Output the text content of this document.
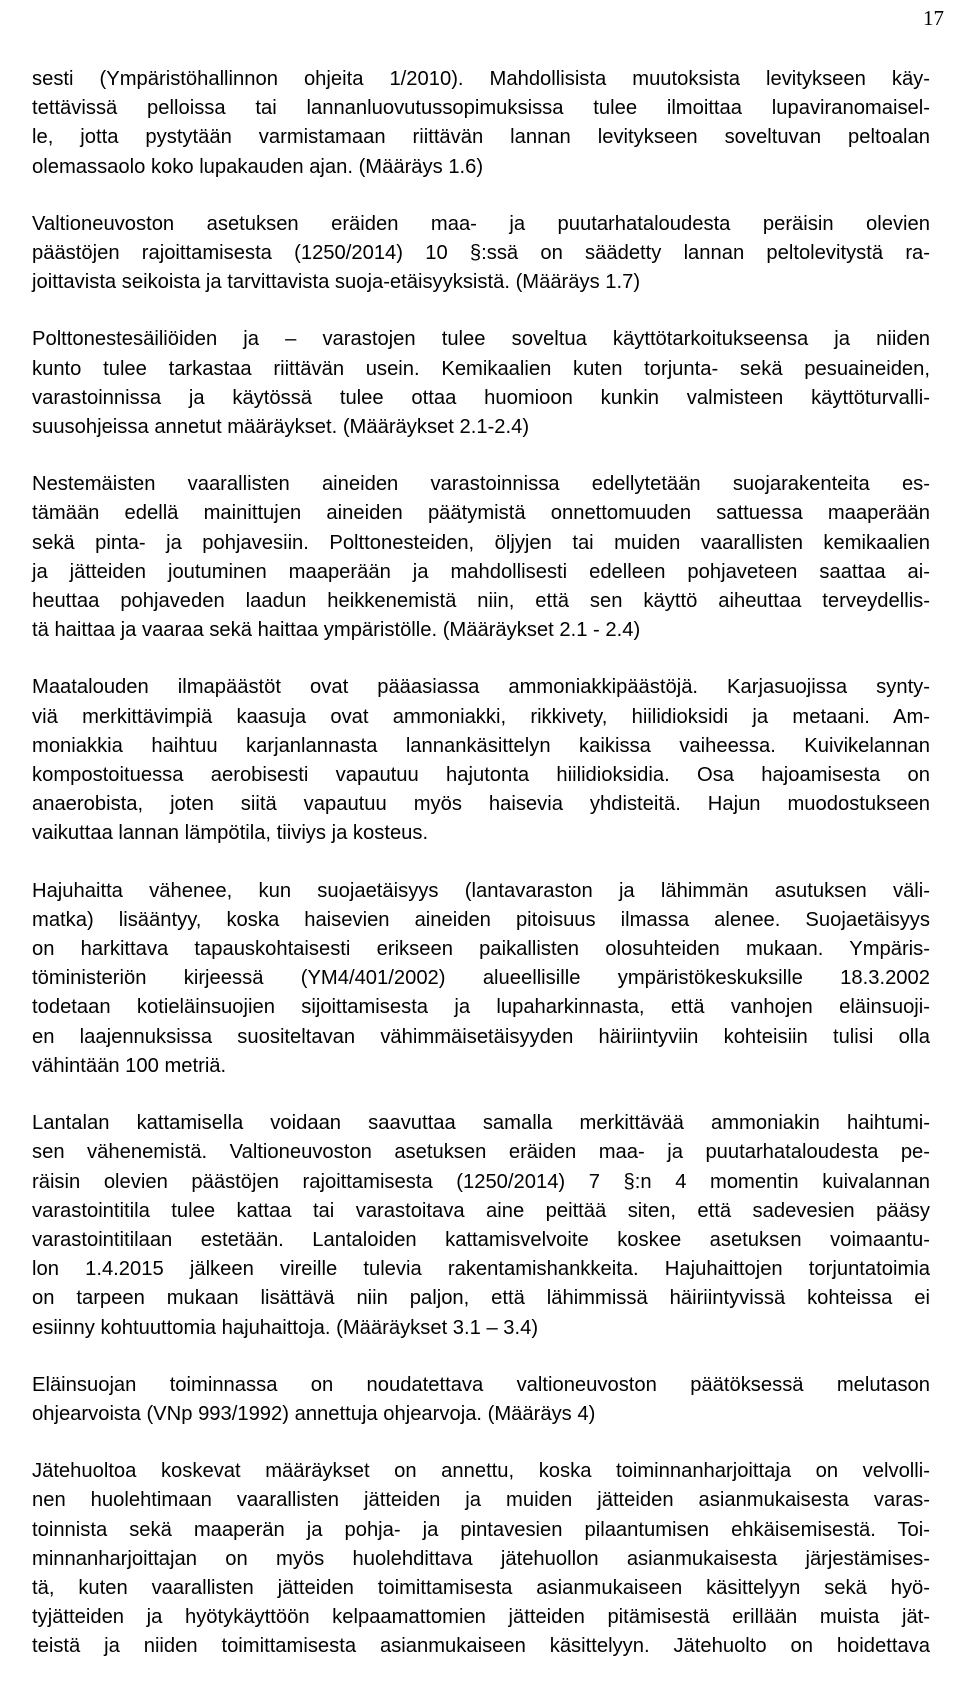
17

sesti (Ympäristöhallinnon ohjeita 1/2010). Mahdollisista muutoksista levitykseen käy-
tettävissä pelloissa tai lannanluovutussopimuksissa tulee ilmoittaa lupaviranomaisel-
le, jotta pystytään varmistamaan riittävän lannan levitykseen soveltuvan peltoalan
olemassaolo koko lupakauden ajan. (Määräys 1.6)

Valtioneuvoston asetuksen eräiden maa- ja puutarhataloudesta peräisin olevien
päästöjen rajoittamisesta (1250/2014) 10 §:ssä on säädetty lannan peltolevitystä ra-
joittavista seikoista ja tarvittavista suoja-etäisyyksistä. (Määräys 1.7)

Polttonestesäiliöiden ja – varastojen tulee soveltua käyttötarkoitukseensa ja niiden
kunto tulee tarkastaa riittävän usein. Kemikaalien kuten torjunta- sekä pesuaineiden,
varastoinnissa ja käytössä tulee ottaa huomioon kunkin valmisteen käyttöturvalli-
suusohjeissa annetut määräykset. (Määräykset 2.1-2.4)

Nestemäisten vaarallisten aineiden varastoinnissa edellytetään suojarakenteita es-
tämään edellä mainittujen aineiden päätymistä onnettomuuden sattuessa maaperään
sekä pinta- ja pohjavesiin. Polttonesteiden, öljyjen tai muiden vaarallisten kemikaalien
ja jätteiden joutuminen maaperään ja mahdollisesti edelleen pohjaveteen saattaa ai-
heuttaa pohjaveden laadun heikkenemistä niin, että sen käyttö aiheuttaa terveydellis-
tä haittaa ja vaaraa sekä haittaa ympäristölle. (Määräykset 2.1 - 2.4)

Maatalouden ilmapäästöt ovat pääasiassa ammoniakkipäästöjä. Karjasuojissa synty-
viä merkittävimpiä kaasuja ovat ammoniakki, rikkivety, hiilidioksidi ja metaani. Am-
moniakkia haihtuu karjanlannasta lannankäsittelyn kaikissa vaiheessa. Kuivikelannan
kompostoituessa aerobisesti vapautuu hajutonta hiilidioksidia. Osa hajoamisesta on
anaerobista, joten siitä vapautuu myös haisevia yhdisteitä. Hajun muodostukseen
vaikuttaa lannan lämpötila, tiiviys ja kosteus.

Hajuhaitta vähenee, kun suojaetäisyys (lantavaraston ja lähimmän asutuksen väli-
matka) lisääntyy, koska haisevien aineiden pitoisuus ilmassa alenee. Suojaetäisyys
on harkittava tapauskohtaisesti erikseen paikallisten olosuhteiden mukaan. Ympäris-
töministeriön kirjeessä (YM4/401/2002) alueellisille ympäristökeskuksille 18.3.2002
todetaan kotieläinsuojien sijoittamisesta ja lupaharkinnasta, että vanhojen eläinsuoji-
en laajennuksissa suositeltavan vähimmäisetäisyyden häiriintyviin kohteisiin tulisi olla
vähintään 100 metriä.

Lantalan kattamisella voidaan saavuttaa samalla merkittävää ammoniakin haihtumi-
sen vähenemistä. Valtioneuvoston asetuksen eräiden maa- ja puutarhataloudesta pe-
räisin olevien päästöjen rajoittamisesta (1250/2014) 7 §:n 4 momentin kuivalannan
varastointitila tulee kattaa tai varastoitava aine peittää siten, että sadevesien pääsy
varastointitilaan estetään. Lantaloiden kattamisvelvoite koskee asetuksen voimaantu-
lon 1.4.2015 jälkeen vireille tulevia rakentamishankkeita. Hajuhaittojen torjuntatoimia
on tarpeen mukaan lisättävä niin paljon, että lähimmissä häiriintyvissä kohteissa ei
esiinny kohtuuttomia hajuhaittoja. (Määräykset 3.1 – 3.4)

Eläinsuojan toiminnassa on noudatettava valtioneuvoston päätöksessä melutason
ohjearvoista (VNp 993/1992) annettuja ohjearvoja. (Määräys 4)

Jätehuoltoa koskevat määräykset on annettu, koska toiminnanharjoittaja on velvolli-
nen huolehtimaan vaarallisten jätteiden ja muiden jätteiden asianmukaisesta varas-
toinnista sekä maaperän ja pohja- ja pintavesien pilaantumisen ehkäisemisestä. Toi-
minnanharjoittajan on myös huolehdittava jätehuollon asianmukaisesta järjestämises-
tä, kuten vaarallisten jätteiden toimittamisesta asianmukaiseen käsittelyyn sekä hyö-
tyjätteiden ja hyötykäyttöön kelpaamattomien jätteiden pitämisestä erillään muista jät-
teistä ja niiden toimittamisesta asianmukaiseen käsittelyyn. Jätehuolto on hoidettava
